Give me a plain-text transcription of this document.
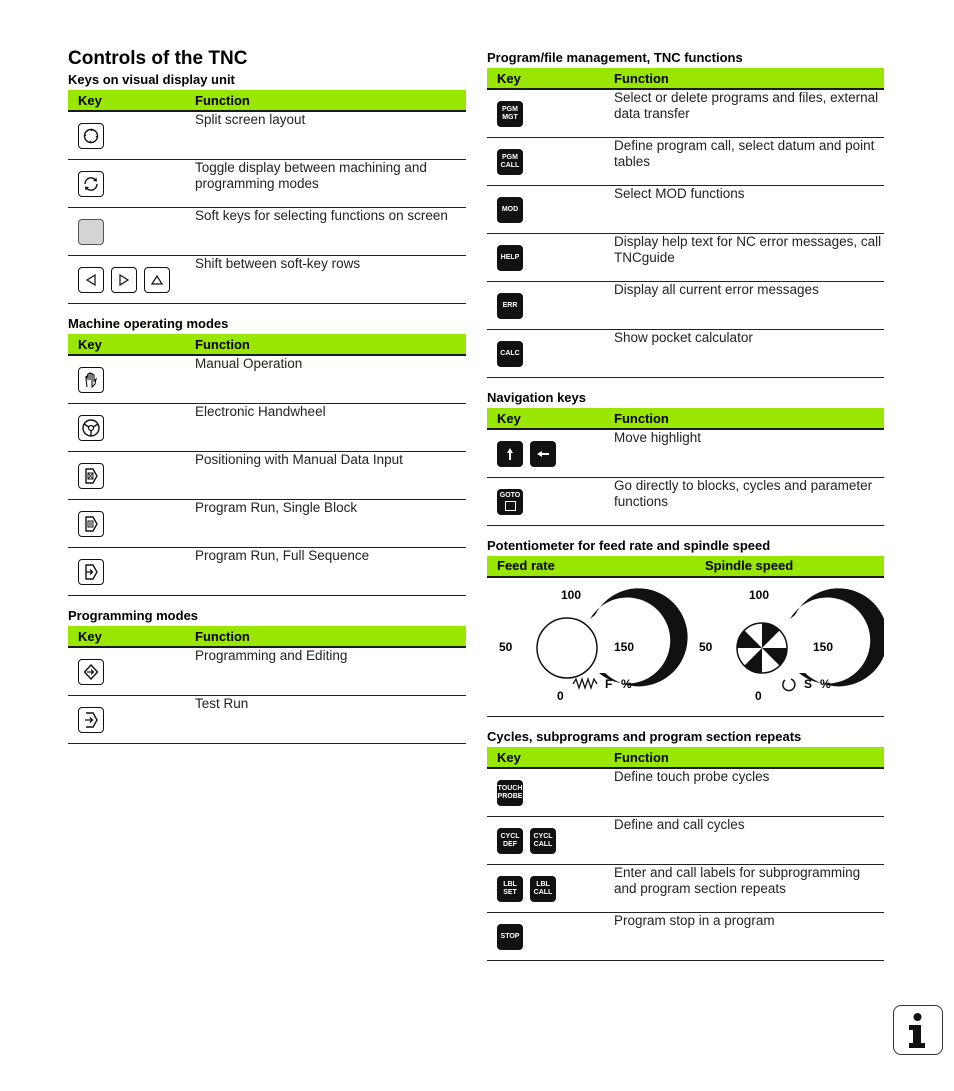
Controls of the TNC
Keys on visual display unit
Key	Function

	Split screen layout

	Toggle display between machining and programming modes

	Soft keys for selecting functions on screen

	Shift between soft-key rows
Machine operating modes
Key	Function

	Manual Operation

	Electronic Handwheel

	Positioning with Manual Data Input

	Program Run, Single Block

	Program Run, Full Sequence
Programming modes
Key	Function

	Programming and Editing

	Test Run
Program/file management, TNC functions
Key	Function

PGM
MGT	Select or delete programs and files, external data transfer

PGM
CALL	Define program call, select datum and point tables

MOD	Select MOD functions

HELP	Display help text for NC error messages, call TNCguide

ERR	Display all current error messages

CALC	Show pocket calculator
Navigation keys
Key	Function

	Move highlight

GOTO	Go directly to blocks, cycles and parameter functions
Potentiometer for feed rate and spindle speed
Feed rate	Spindle speed
100
50	150
0
F %
100
50	150
0
S %
Cycles, subprograms and program section repeats
Key	Function

TOUCH
PROBE	Define touch probe cycles

CYCL
DEF
CYCL
CALL	Define and call cycles

LBL
SET
LBL
CALL	Enter and call labels for subprogramming and program section repeats

STOP	Program stop in a program
